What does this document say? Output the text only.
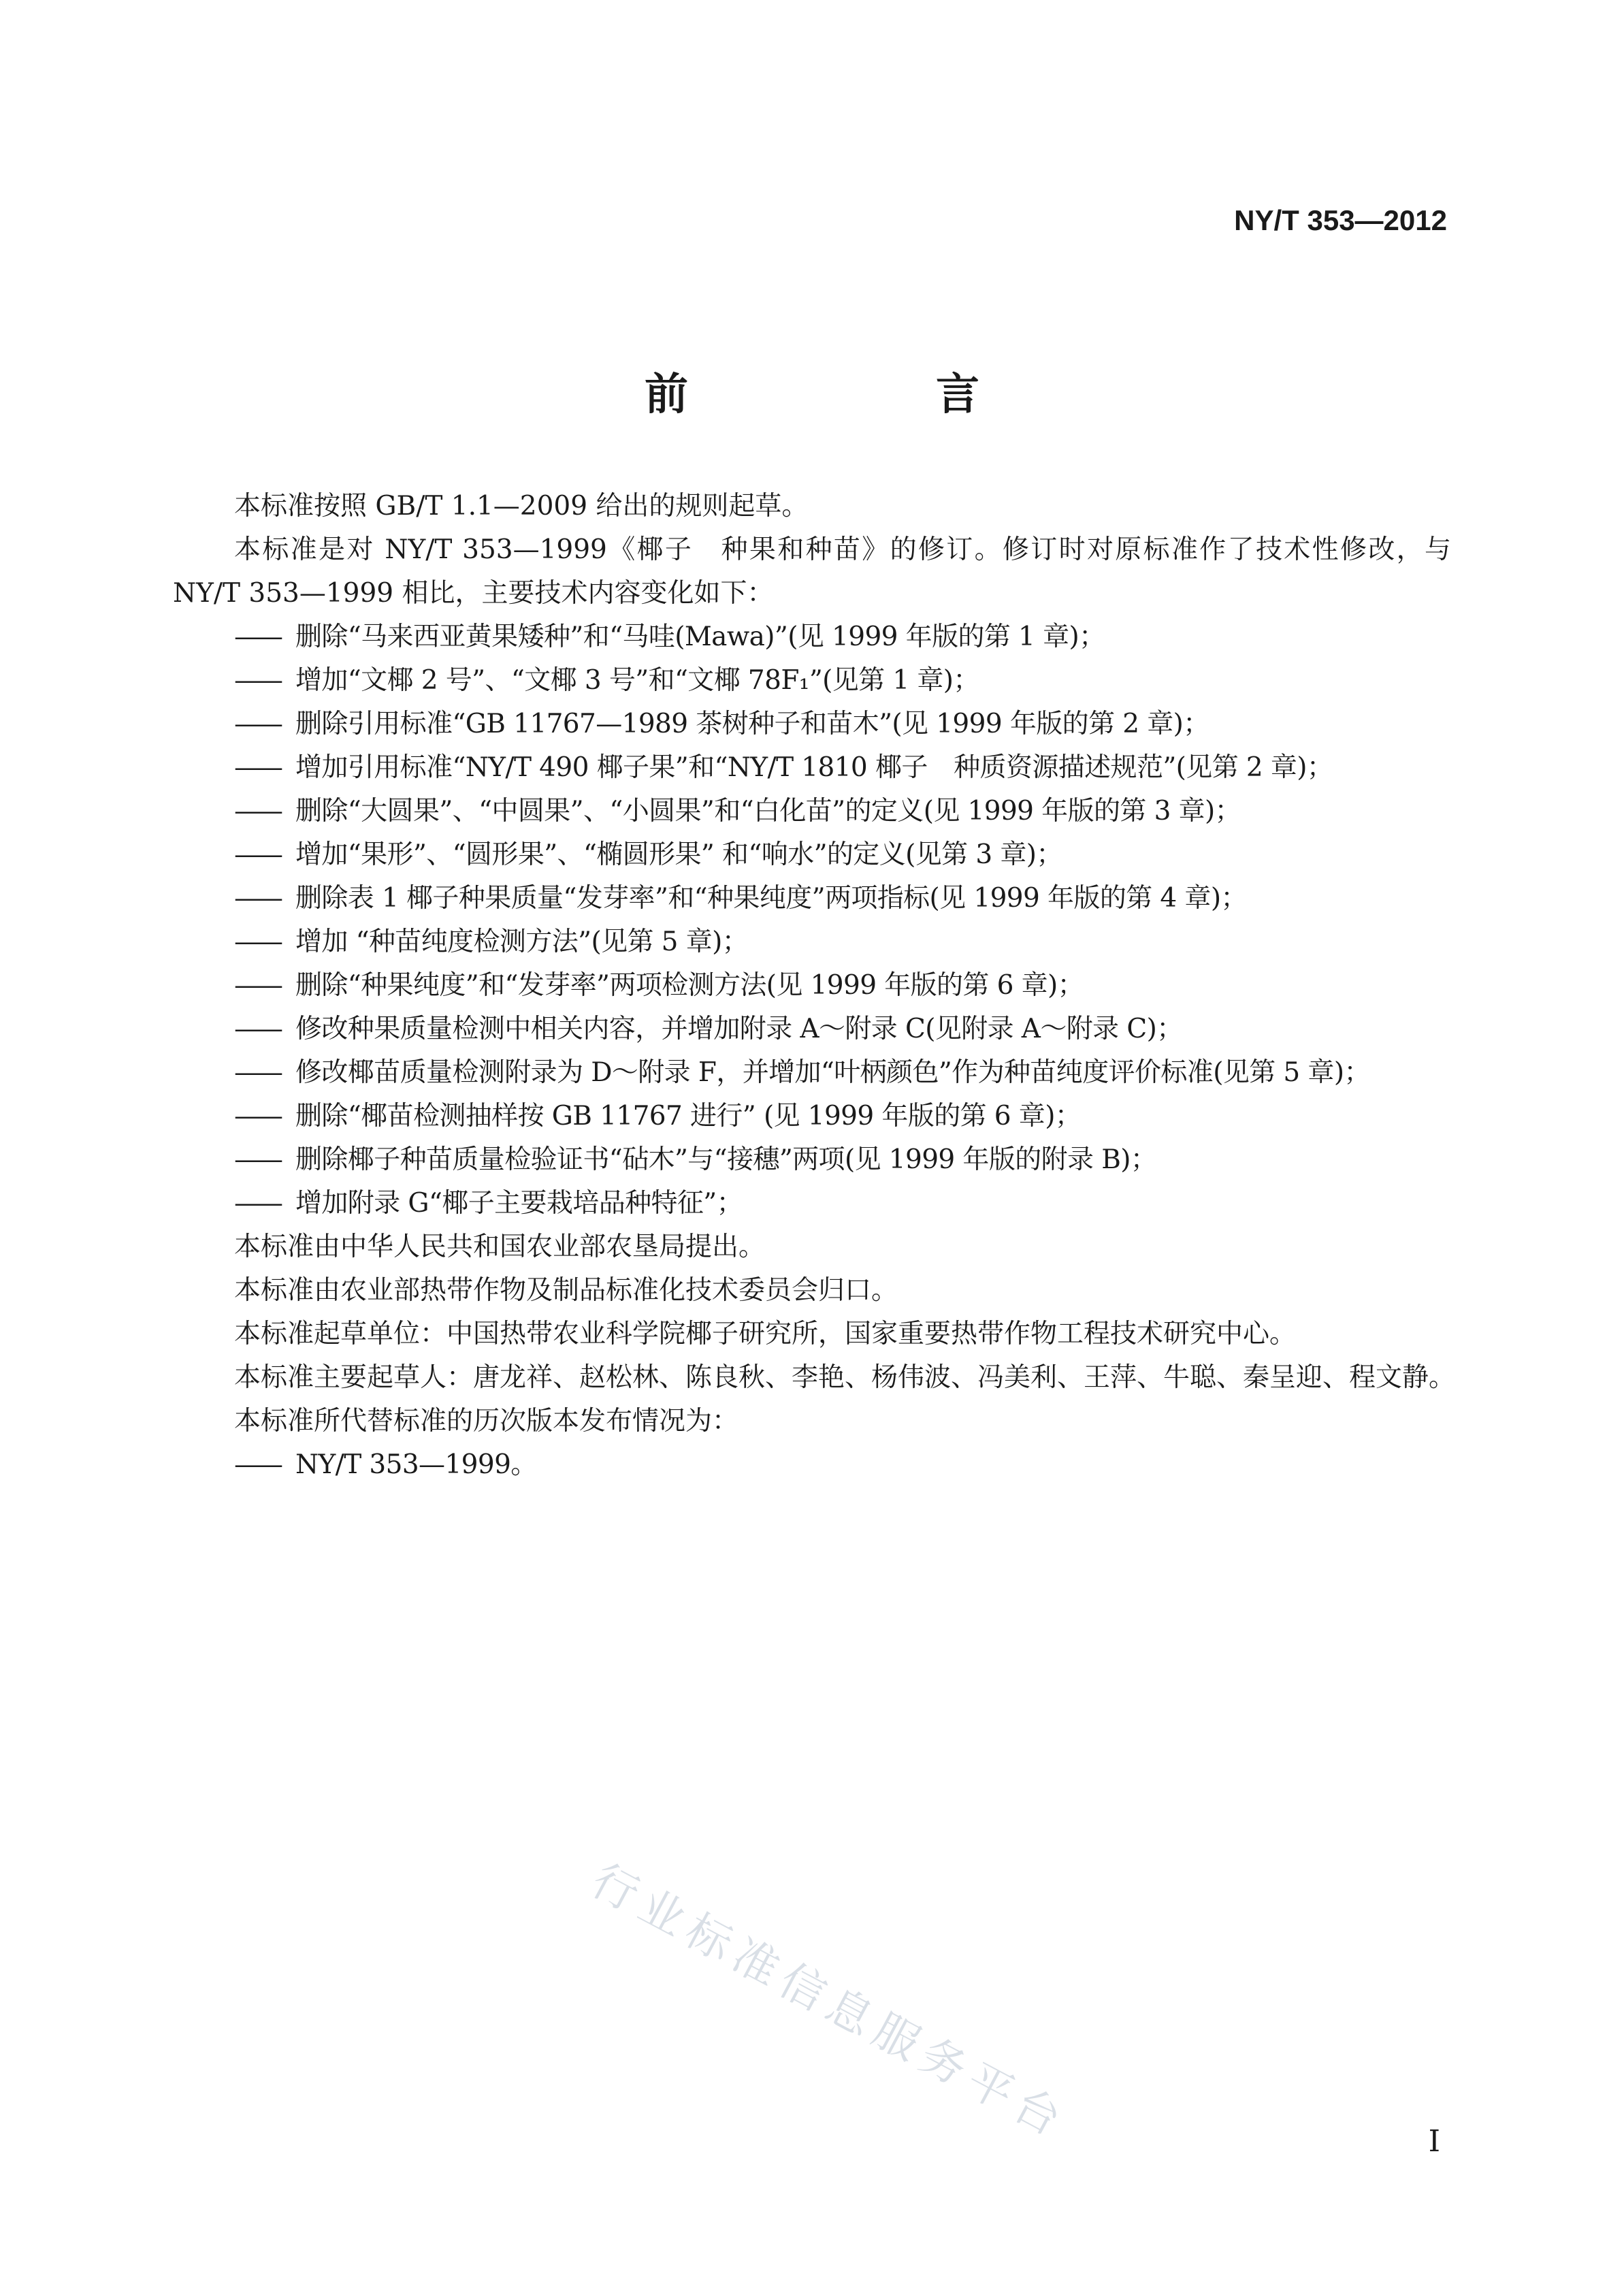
NY/T 353—2012
前　言
本标准按照 GB/T 1.1—2009 给出的规则起草。
本标准是对 NY/T 353—1999《椰子　种果和种苗》的修订。修订时对原标准作了技术性修改，与 NY/T 353—1999 相比，主要技术内容变化如下：
—— 删除“马来西亚黄果矮种”和“马哇(Mawa)”(见 1999 年版的第 1 章)；
—— 增加“文椰 2 号”、“文椰 3 号”和“文椰 78F₁”(见第 1 章)；
—— 删除引用标准“GB 11767—1989 茶树种子和苗木”(见 1999 年版的第 2 章)；
—— 增加引用标准“NY/T 490 椰子果”和“NY/T 1810 椰子　种质资源描述规范”(见第 2 章)；
—— 删除“大圆果”、“中圆果”、“小圆果”和“白化苗”的定义(见 1999 年版的第 3 章)；
—— 增加“果形”、“圆形果”、“椭圆形果” 和“响水”的定义(见第 3 章)；
—— 删除表 1 椰子种果质量“发芽率”和“种果纯度”两项指标(见 1999 年版的第 4 章)；
—— 增加 “种苗纯度检测方法”(见第 5 章)；
—— 删除“种果纯度”和“发芽率”两项检测方法(见 1999 年版的第 6 章)；
—— 修改种果质量检测中相关内容，并增加附录 A～附录 C(见附录 A～附录 C)；
—— 修改椰苗质量检测附录为 D～附录 F，并增加“叶柄颜色”作为种苗纯度评价标准(见第 5 章)；
—— 删除“椰苗检测抽样按 GB 11767 进行” (见 1999 年版的第 6 章)；
—— 删除椰子种苗质量检验证书“砧木”与“接穗”两项(见 1999 年版的附录 B)；
—— 增加附录 G“椰子主要栽培品种特征”；
本标准由中华人民共和国农业部农垦局提出。
本标准由农业部热带作物及制品标准化技术委员会归口。
本标准起草单位：中国热带农业科学院椰子研究所，国家重要热带作物工程技术研究中心。
本标准主要起草人：唐龙祥、赵松林、陈良秋、李艳、杨伟波、冯美利、王萍、牛聪、秦呈迎、程文静。
本标准所代替标准的历次版本发布情况为：
—— NY/T 353—1999。
行业标准信息服务平台	I
